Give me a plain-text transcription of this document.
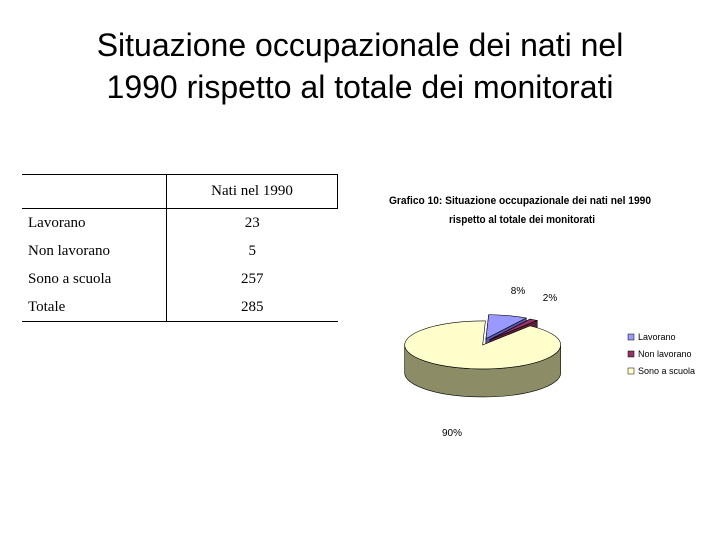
Situazione occupazionale dei nati nel
1990 rispetto al totale dei monitorati
	Nati nel 1990
Lavorano	23
Non lavorano	5
Sono a scuola	257
Totale	285
Grafico 10: Situazione occupazionale dei nati nel 1990
rispetto al totale dei monitorati
8%
2%
90%
Lavorano
Non lavorano
Sono a scuola
